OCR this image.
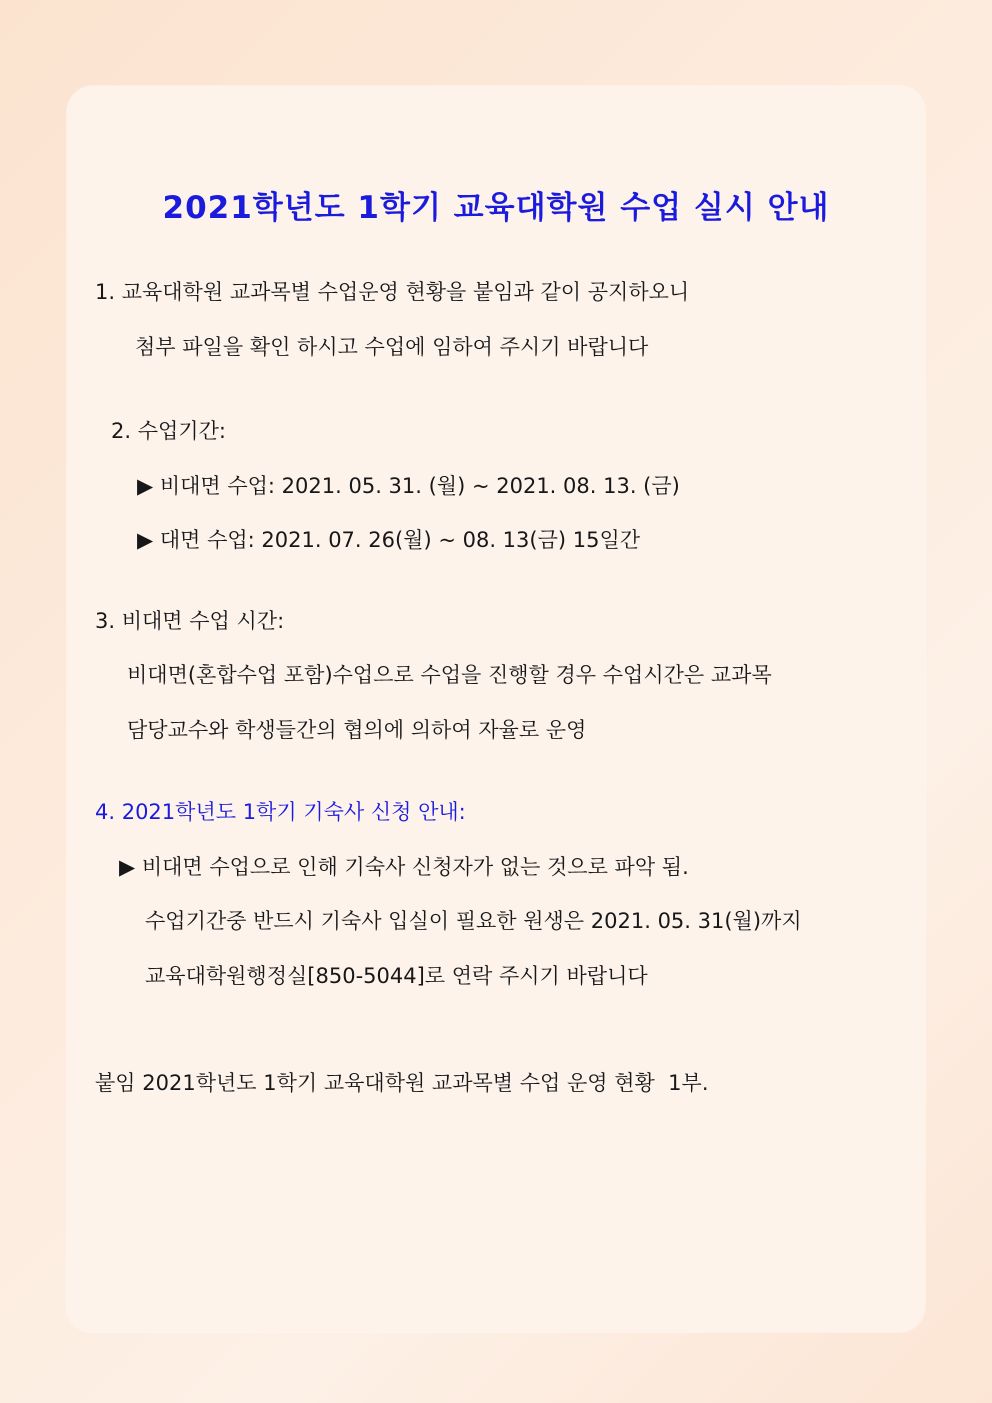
2021학년도 1학기 교육대학원 수업 실시 안내
1. 교육대학원 교과목별 수업운영 현황을 붙임과 같이 공지하오니
첨부 파일을 확인 하시고 수업에 임하여 주시기 바랍니다
2. 수업기간:
▶ 비대면 수업: 2021. 05. 31. (월) ~ 2021. 08. 13. (금)
▶ 대면 수업: 2021. 07. 26(월) ~ 08. 13(금) 15일간
3. 비대면 수업 시간:
비대면(혼합수업 포함)수업으로 수업을 진행할 경우 수업시간은 교과목
담당교수와 학생들간의 협의에 의하여 자율로 운영
4. 2021학년도 1학기 기숙사 신청 안내:
▶ 비대면 수업으로 인해 기숙사 신청자가 없는 것으로 파악 됨.
수업기간중 반드시 기숙사 입실이 필요한 원생은 2021. 05. 31(월)까지
교육대학원행정실[850-5044]로 연락 주시기 바랍니다
붙임 2021학년도 1학기 교육대학원 교과목별 수업 운영 현황  1부.
